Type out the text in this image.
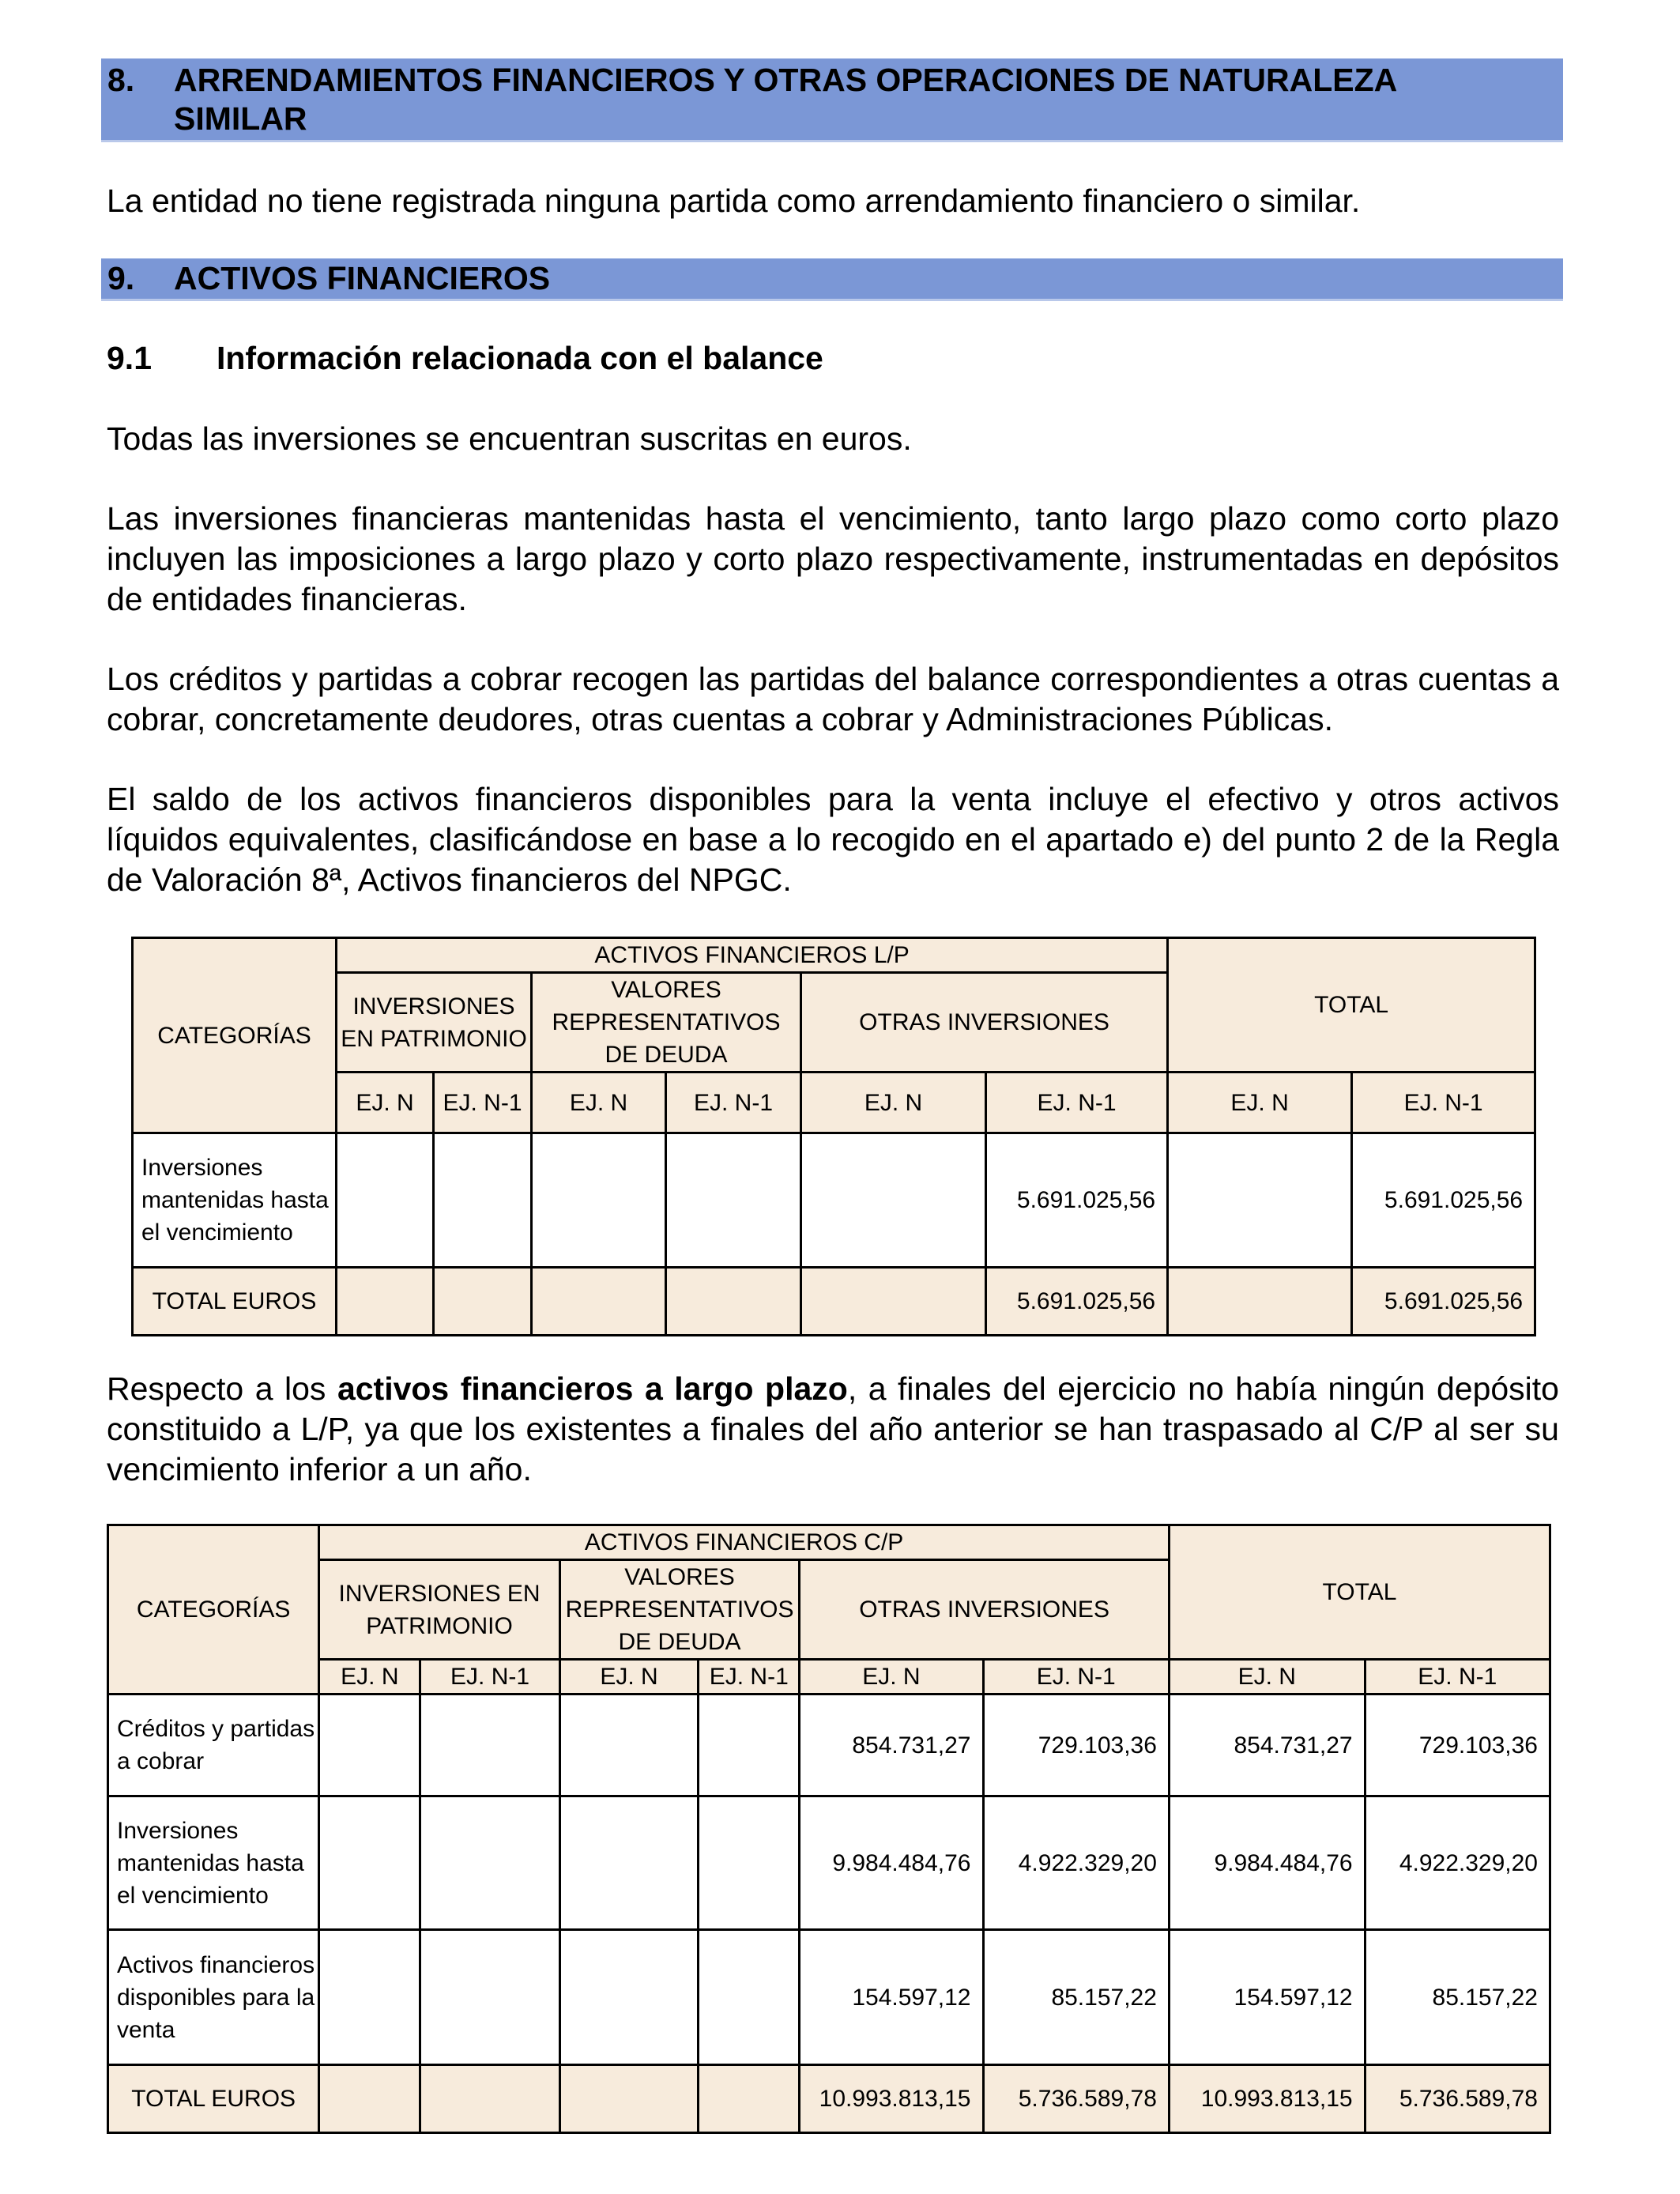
8. ARRENDAMIENTOS FINANCIEROS Y OTRAS OPERACIONES DE NATURALEZA
SIMILAR
La entidad no tiene registrada ninguna partida como arrendamiento financiero o similar.
9. ACTIVOS FINANCIEROS
9.1 Información relacionada con el balance
Todas las inversiones se encuentran suscritas en euros.
Las inversiones financieras mantenidas hasta el vencimiento, tanto largo plazo como corto plazo incluyen las imposiciones a largo plazo y corto plazo respectivamente, instrumentadas en depósitos de entidades financieras.
Los créditos y partidas a cobrar recogen las partidas del balance correspondientes a otras cuentas a cobrar, concretamente deudores, otras cuentas a cobrar y Administraciones Públicas.
El saldo de los activos financieros disponibles para la venta incluye el efectivo y otros activos líquidos equivalentes, clasificándose en base a lo recogido en el apartado e) del punto 2 de la Regla de Valoración 8ª, Activos financieros del NPGC.
CATEGORÍAS	ACTIVOS FINANCIEROS L/P						TOTAL	
	INVERSIONES EN PATRIMONIO		VALORES REPRESENTATIVOS DE DEUDA		OTRAS INVERSIONES			
	EJ. N	EJ. N-1	EJ. N	EJ. N-1	EJ. N	EJ. N-1	EJ. N	EJ. N-1
Inversiones mantenidas hasta el vencimiento						5.691.025,56		5.691.025,56
TOTAL EUROS						5.691.025,56		5.691.025,56
Respecto a los activos financieros a largo plazo, a finales del ejercicio no había ningún depósito constituido a L/P, ya que los existentes a finales del año anterior se han traspasado al C/P al ser su vencimiento inferior a un año.
CATEGORÍAS	ACTIVOS FINANCIEROS C/P						TOTAL	
	INVERSIONES EN PATRIMONIO		VALORES REPRESENTATIVOS DE DEUDA		OTRAS INVERSIONES			
	EJ. N	EJ. N-1	EJ. N	EJ. N-1	EJ. N	EJ. N-1	EJ. N	EJ. N-1
Créditos y partidas a cobrar					854.731,27	729.103,36	854.731,27	729.103,36
Inversiones mantenidas hasta el vencimiento					9.984.484,76	4.922.329,20	9.984.484,76	4.922.329,20
Activos financieros disponibles para la venta					154.597,12	85.157,22	154.597,12	85.157,22
TOTAL EUROS					10.993.813,15	5.736.589,78	10.993.813,15	5.736.589,78
